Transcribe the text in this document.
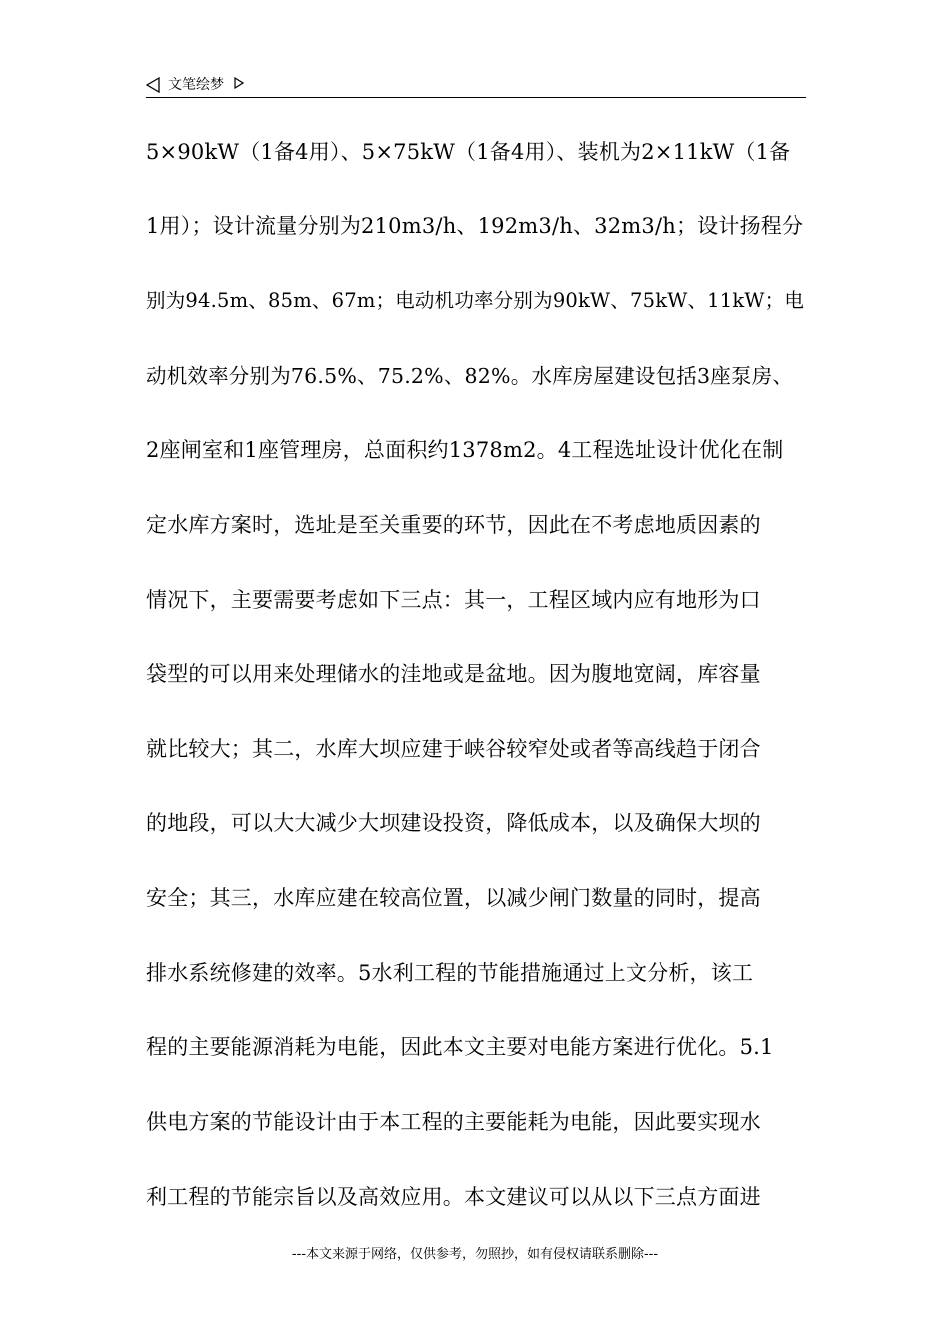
文笔绘梦
5×90kW（1备4用）、5×75kW（1备4用）、装机为2×11kW（1备
1用）；设计流量分别为210m3/h、192m3/h、32m3/h；设计扬程分
别为94.5m、85m、67m；电动机功率分别为90kW、75kW、11kW；电
动机效率分别为76.5%、75.2%、82%。水库房屋建设包括3座泵房、
2座闸室和1座管理房，总面积约1378m2。4工程选址设计优化在制
定水库方案时，选址是至关重要的环节，因此在不考虑地质因素的
情况下，主要需要考虑如下三点：其一，工程区域内应有地形为口
袋型的可以用来处理储水的洼地或是盆地。因为腹地宽阔，库容量
就比较大；其二，水库大坝应建于峡谷较窄处或者等高线趋于闭合
的地段，可以大大减少大坝建设投资，降低成本，以及确保大坝的
安全；其三，水库应建在较高位置，以减少闸门数量的同时，提高
排水系统修建的效率。5水利工程的节能措施通过上文分析，该工
程的主要能源消耗为电能，因此本文主要对电能方案进行优化。5.1
供电方案的节能设计由于本工程的主要能耗为电能，因此要实现水
利工程的节能宗旨以及高效应用。本文建议可以从以下三点方面进
---本文来源于网络，仅供参考，勿照抄，如有侵权请联系删除---
